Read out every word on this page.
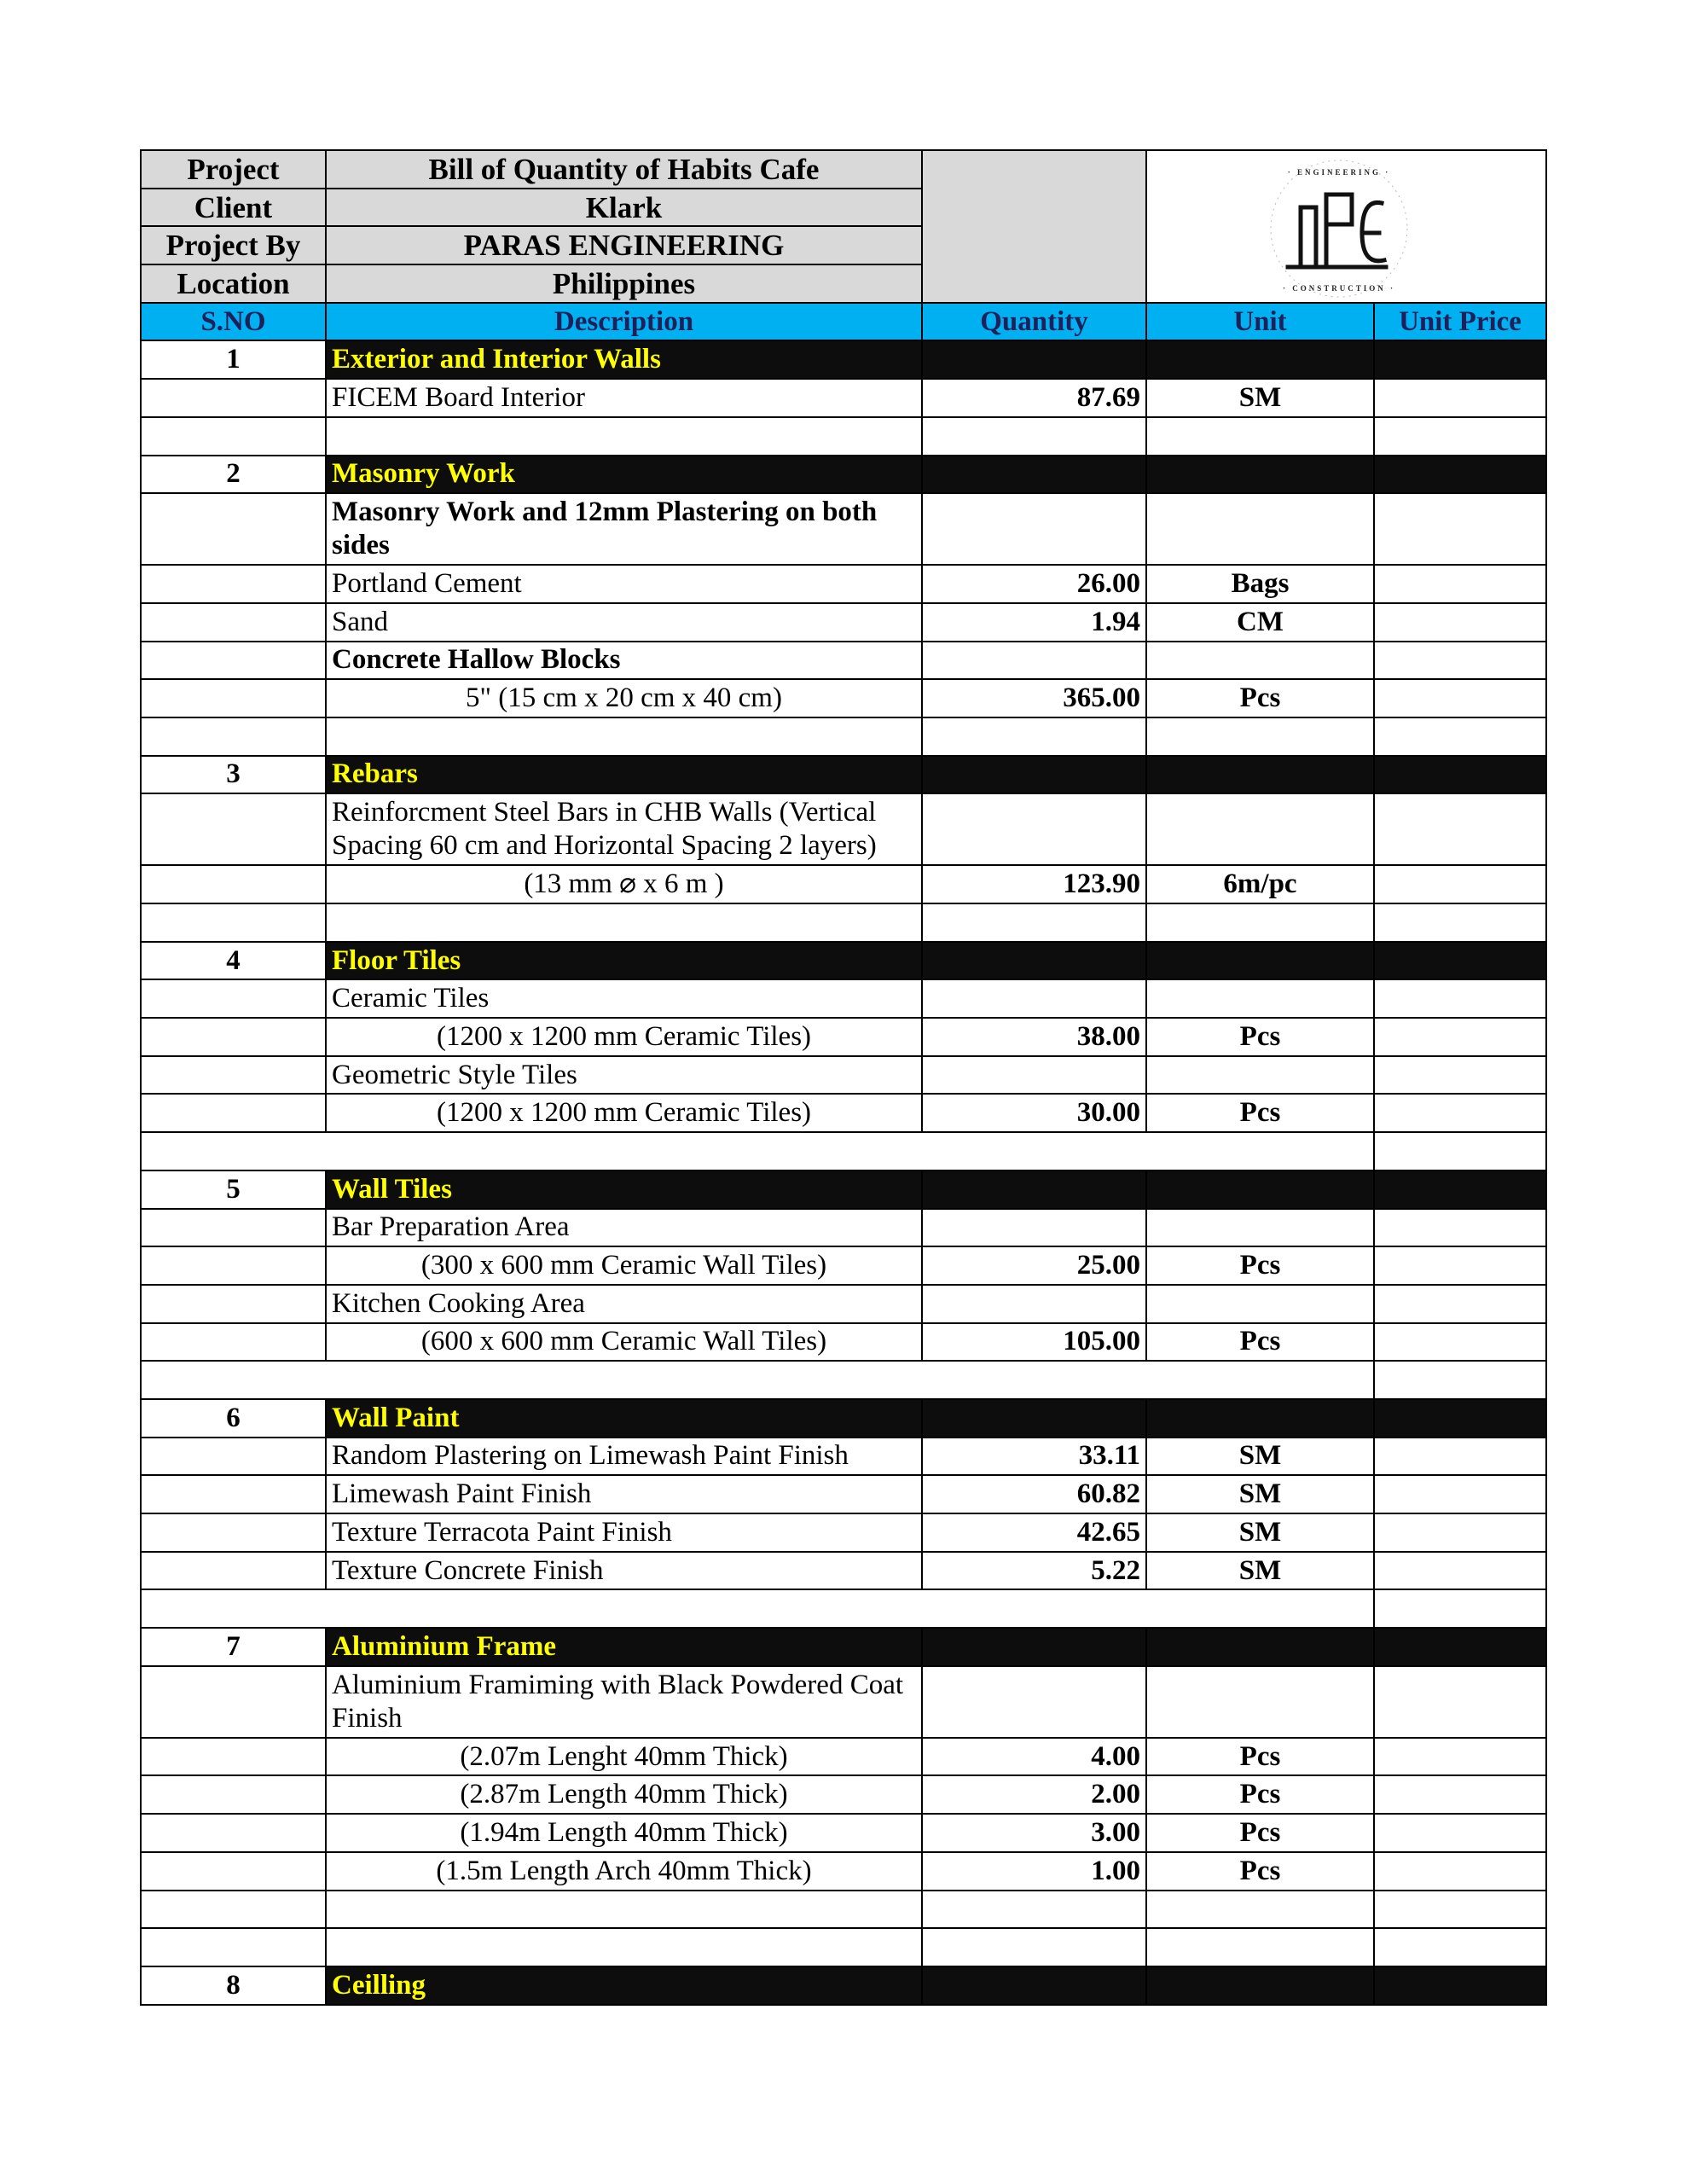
Project	Bill of Quantity of Habits Cafe		· ENGINEERING ·
· CONSTRUCTION ·	

Client	Klark			
Project By	PARAS ENGINEERING			
Location	Philippines			
S.NO	Description	Quantity	Unit	Unit Price
1	Exterior and Interior Walls			
	FICEM Board Interior	87.69	SM	

2	Masonry Work			
	Masonry Work and 12mm Plastering on both sides			
	Portland Cement	26.00	Bags	
	Sand	1.94	CM	
	Concrete Hallow Blocks			
	5" (15 cm x 20 cm x 40 cm)	365.00	Pcs	

3	Rebars			
	Reinforcment Steel Bars in CHB Walls (Vertical Spacing 60 cm and Horizontal Spacing 2 layers)			
	(13 mm ⌀ x 6 m )	123.90	6m/pc	

4	Floor Tiles			
	Ceramic Tiles			
	(1200 x 1200 mm Ceramic Tiles)	38.00	Pcs	
	Geometric Style Tiles			
	(1200 x 1200 mm Ceramic Tiles)	30.00	Pcs	

5	Wall Tiles			
	Bar Preparation Area			
	(300 x 600 mm Ceramic Wall Tiles)	25.00	Pcs	
	Kitchen Cooking Area			
	(600 x 600 mm Ceramic Wall Tiles)	105.00	Pcs	

6	Wall Paint			
	Random Plastering on Limewash Paint Finish	33.11	SM	
	Limewash Paint Finish	60.82	SM	
	Texture Terracota Paint Finish	42.65	SM	
	Texture Concrete Finish	5.22	SM	

7	Aluminium Frame			
	Aluminium Framiming with Black Powdered Coat Finish			
	(2.07m Lenght 40mm Thick)	4.00	Pcs	
	(2.87m Length 40mm Thick)	2.00	Pcs	
	(1.94m Length 40mm Thick)	3.00	Pcs	
	(1.5m Length Arch 40mm Thick)	1.00	Pcs	

8	Ceilling			
